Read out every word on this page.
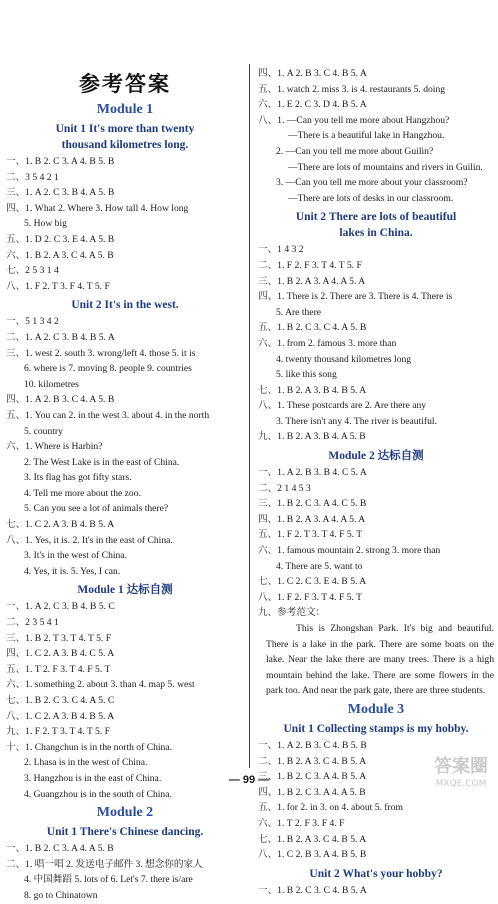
参考答案
Module 1
Unit 1 It's more than twenty
thousand kilometres long.
一、1. B 2. C 3. A 4. B 5. B
二、3 5 4 2 1
三、1. A 2. C 3. B 4. A 5. B
四、1. What 2. Where 3. How tall 4. How long
5. How big
五、1. D 2. C 3. E 4. A 5. B
六、1. B 2. A 3. C 4. A 5. B
七、2 5 3 1 4
八、1. F 2. T 3. F 4. T 5. F
Unit 2 It's in the west.
一、5 1 3 4 2
二、1. A 2. C 3. B 4. B 5. A
三、1. west 2. south 3. wrong/left 4. those 5. it is
6. where is 7. moving 8. people 9. countries
10. kilometres
四、1. A 2. B 3. C 4. A 5. B
五、1. You can 2. in the west 3. about 4. in the north
5. country
六、1. Where is Harbin?
2. The West Lake is in the east of China.
3. Its flag has got fifty stars.
4. Tell me more about the zoo.
5. Can you see a lot of animals there?
七、1. C 2. A 3. B 4. B 5. A
八、1. Yes, it is. 2. It's in the east of China.
3. It's in the west of China.
4. Yes, it is. 5. Yes, I can.
Module 1 达标自测
一、1. A 2. C 3. B 4. B 5. C
二、2 3 5 4 1
三、1. B 2. T 3. T 4. T 5. F
四、1. C 2. A 3. B 4. C 5. A
五、1. T 2. F 3. T 4. F 5. T
六、1. something 2. about 3. than 4. map 5. west
七、1. B 2. C 3. C 4. A 5. C
八、1. C 2. A 3. B 4. B 5. A
九、1. F 2. T 3. T 4. T 5. F
十、1. Changchun is in the north of China.
2. Lhasa is in the west of China.
3. Hangzhou is in the east of China.
4. Guangzhou is in the south of China.
Module 2
Unit 1 There's Chinese dancing.
一、1. B 2. C 3. A 4. A 5. B
二、1. 唱一唱 2. 发送电子邮件 3. 想念你的家人
4. 中国舞蹈 5. lots of 6. Let's 7. there is/are
8. go to Chinatown
四、1. A 2. B 3. C 4. B 5. A
五、1. watch 2. miss 3. is 4. restaurants 5. doing
六、1. E 2. C 3. D 4. B 5. A
八、1. —Can you tell me more about Hangzhou?
—There is a beautiful lake in Hangzhou.
2. —Can you tell me more about Guilin?
—There are lots of mountains and rivers in Guilin.
3. —Can you tell me more about your classroom?
—There are lots of desks in our classroom.
Unit 2 There are lots of beautiful
lakes in China.
一、1 4 3 2
二、1. F 2. F 3. T 4. T 5. F
三、1. B 2. A 3. A 4. A 5. A
四、1. There is 2. There are 3. There is 4. There is
5. Are there
五、1. B 2. C 3. C 4. A 5. B
六、1. from 2. famous 3. more than
4. twenty thousand kilometres long
5. like this song
七、1. B 2. A 3. B 4. B 5. A
八、1. These postcards are 2. Are there any
3. There isn't any 4. The river is beautiful.
九、1. B 2. A 3. B 4. A 5. B
Module 2 达标自测
一、1. A 2. B 3. B 4. C 5. A
二、2 1 4 5 3
三、1. B 2. C 3. A 4. C 5. B
四、1. B 2. A 3. A 4. A 5. A
五、1. F 2. T 3. T 4. F 5. T
六、1. famous mountain 2. strong 3. more than
4. There are 5. want to
七、1. C 2. C 3. E 4. B 5. A
八、1. F 2. F 3. T 4. F 5. T
九、参考范文：

This is Zhongshan Park. It's big and beautiful. There is a lake in the park. There are some boats on the lake. Near the lake there are many trees. There is a high mountain behind the lake. There are some flowers in the park too. And near the park gate, there are three students.

Module 3
Unit 1 Collecting stamps is my hobby.
一、1. A 2. B 3. C 4. B 5. B
二、1. B 2. A 3. C 4. B 5. A
三、1. B 2. C 3. A 4. B 5. A
四、1. B 2. C 3. A 4. A 5. B
五、1. for 2. in 3. on 4. about 5. from
六、1. T 2. F 3. F 4. F
七、1. B 2. A 3. C 4. B 5. A
八、1. C 2. B 3. A 4. B 5. B
Unit 2 What's your hobby?
一、1. B 2. C 3. C 4. B 5. A
— 99 —
答案圈
MXQE.COM
